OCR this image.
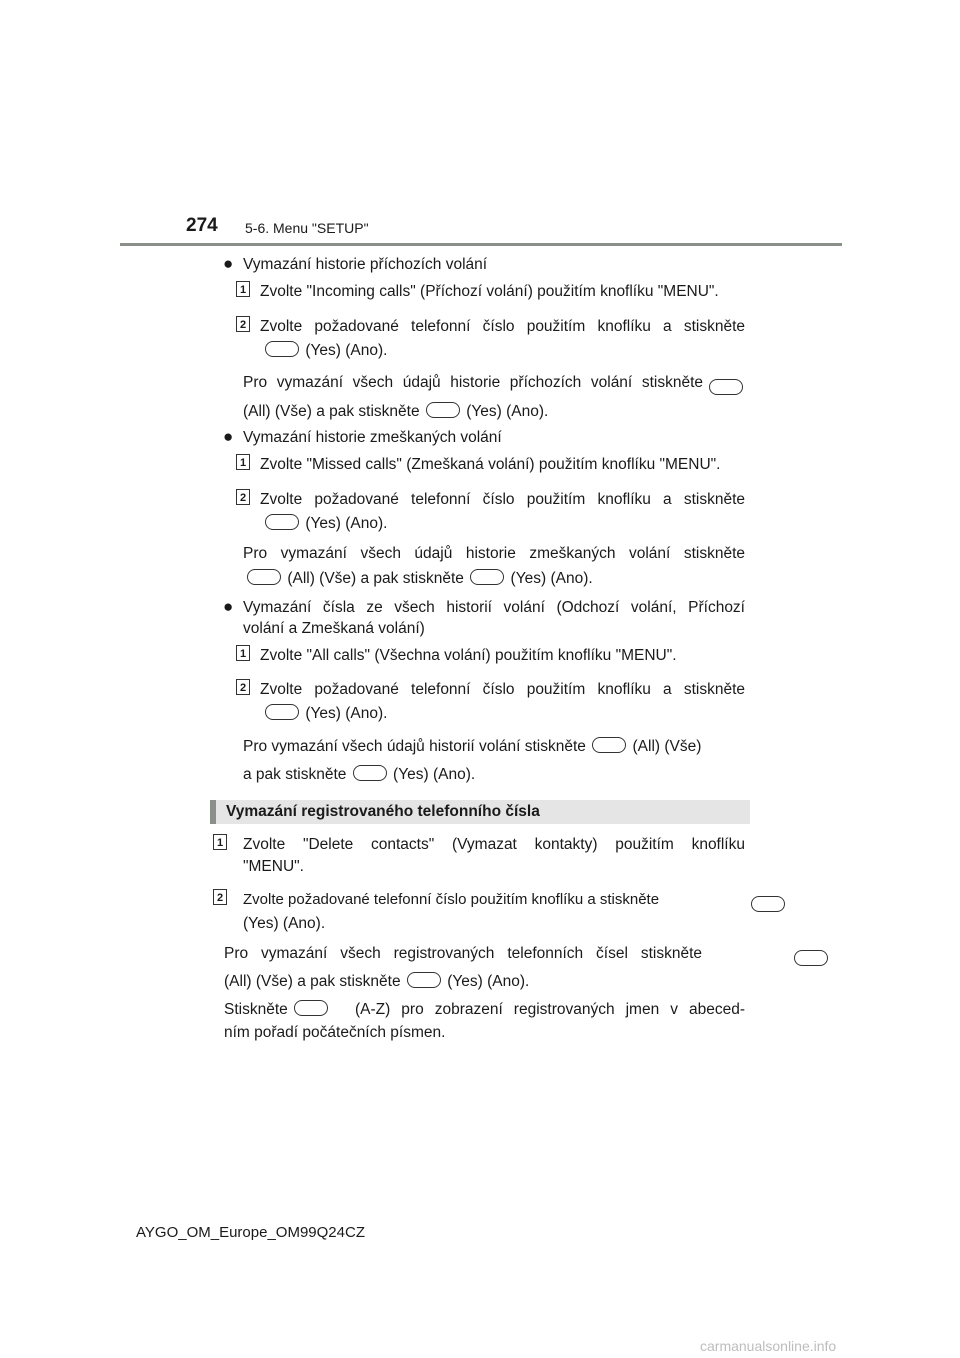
274 5-6. Menu "SETUP"
● Vymazání historie příchozích volání
1 Zvolte "Incoming calls" (Příchozí volání) použitím knoflíku "MENU".
2 Zvolte požadované telefonní číslo použitím knoflíku a stiskněte
(Yes) (Ano).
Pro vymazání všech údajů historie příchozích volání stiskněte

(All) (Vše) a pak stiskněte	(Yes) (Ano).
● Vymazání historie zmeškaných volání
1 Zvolte "Missed calls" (Zmeškaná volání) použitím knoflíku "MENU".
2 Zvolte požadované telefonní číslo použitím knoflíku a stiskněte
(Yes) (Ano).
Pro vymazání všech údajů historie zmeškaných volání stiskněte
(All) (Vše) a pak stiskněte	(Yes) (Ano).
● Vymazání čísla ze všech historií volání (Odchozí volání, Příchozí
volání a Zmeškaná volání)
1 Zvolte "All calls" (Všechna volání) použitím knoflíku "MENU".
2 Zvolte požadované telefonní číslo použitím knoflíku a stiskněte
(Yes) (Ano).
Pro vymazání všech údajů historií volání stiskněte	(All) (Vše)
a pak stiskněte	(Yes) (Ano).
Vymazání registrovaného telefonního čísla
1 Zvolte "Delete contacts" (Vymazat kontakty) použitím knoflíku
"MENU".
2 Zvolte požadované telefonní číslo použitím knoflíku a stiskněte

(Yes) (Ano).
Pro vymazání všech registrovaných telefonních čísel stiskněte
(All) (Vše) a pak stiskněte	(Yes) (Ano).
Stiskněte	(A-Z) pro zobrazení registrovaných jmen v abeced-
ním pořadí počátečních písmen.
AYGO_OM_Europe_OM99Q24CZ
carmanualsonline.info
